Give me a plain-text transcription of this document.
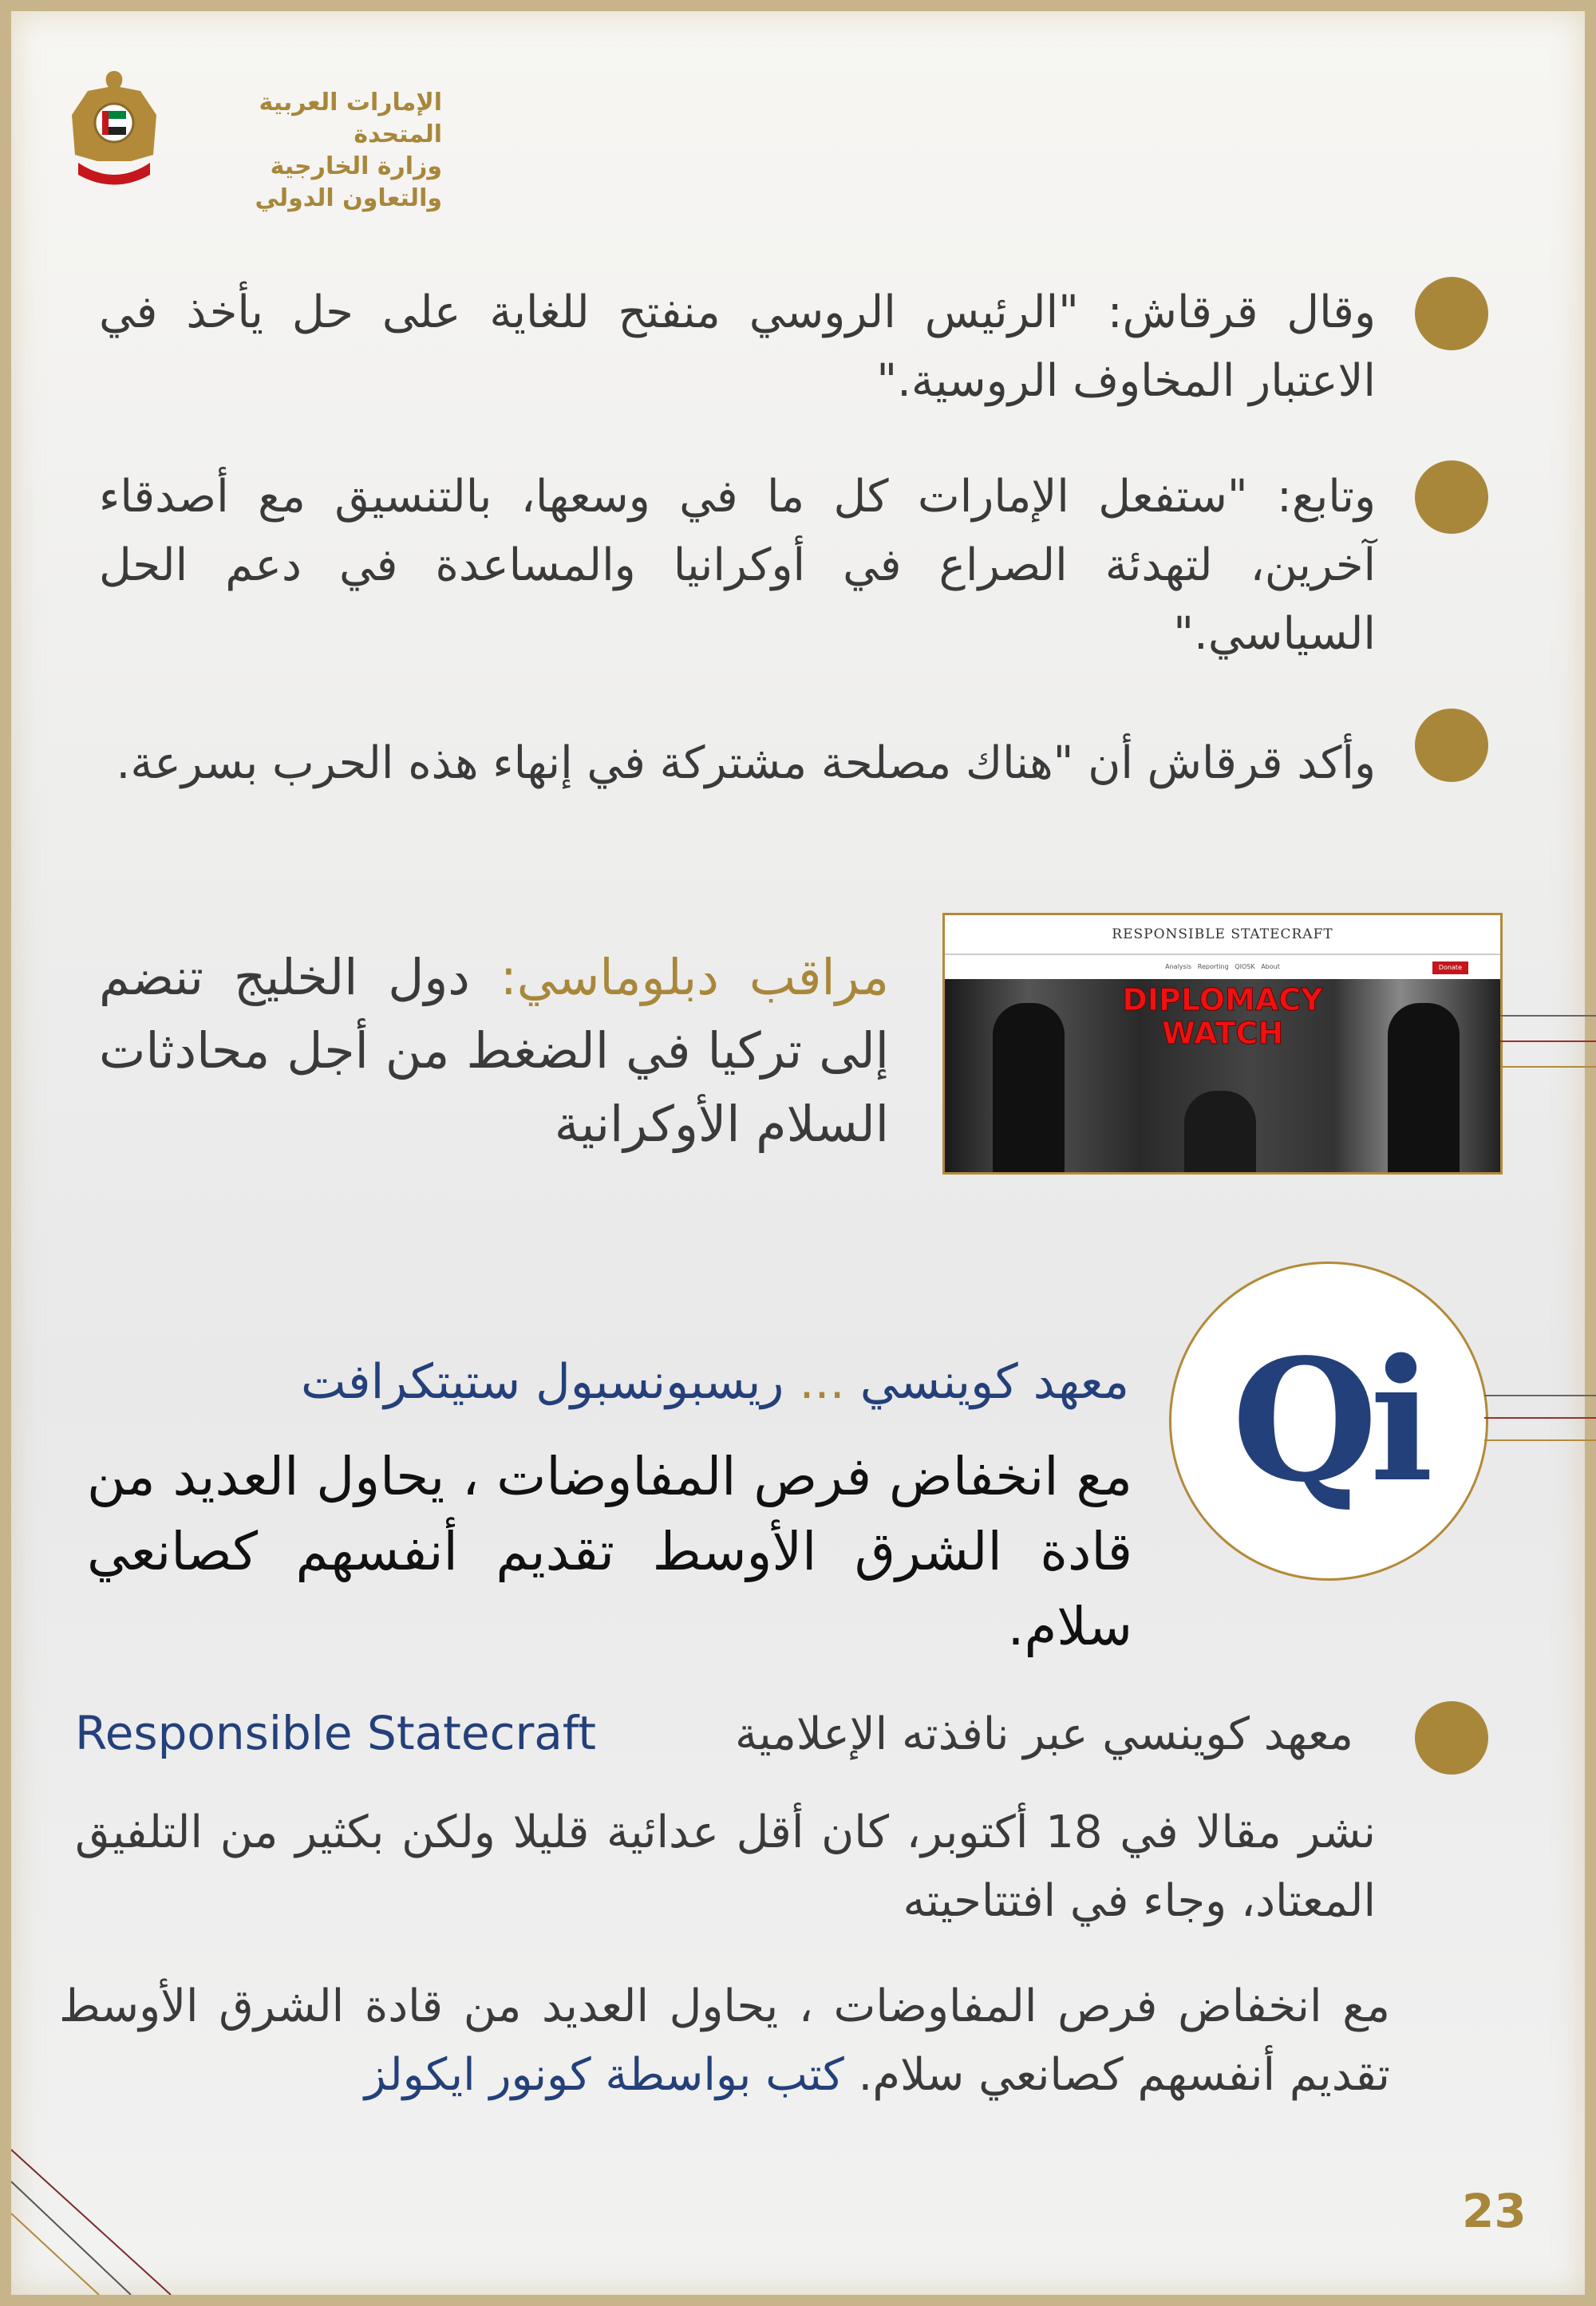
الإمارات العربية المتحدة
وزارة الخارجية
والتعاون الدولي
وقال قرقاش: "الرئيس الروسي منفتح للغاية على حل يأخذ في الاعتبار المخاوف الروسية."
وتابع: "ستفعل الإمارات كل ما في وسعها، بالتنسيق مع أصدقاء آخرين، لتهدئة الصراع في أوكرانيا والمساعدة في دعم الحل السياسي."
وأكد قرقاش أن "هناك مصلحة مشتركة في إنهاء هذه الحرب بسرعة.
مراقب دبلوماسي: دول الخليج تنضم إلى تركيا في الضغط من أجل محادثات السلام الأوكرانية
RESPONSIBLE STATECRAFT
Analysis Reporting QIOSK About	Donate
DIPLOMACY
WATCH
Qi
معهد كوينسي ... ريسبونسبول ستيتكرافت
مع انخفاض فرص المفاوضات ، يحاول العديد من قادة الشرق الأوسط تقديم أنفسهم كصانعي سلام.
معهد كوينسي عبر نافذته الإعلامية
Responsible Statecraft
نشر مقالا في 18 أكتوبر، كان أقل عدائية قليلا ولكن بكثير من التلفيق المعتاد، وجاء في افتتاحيته
مع انخفاض فرص المفاوضات ، يحاول العديد من قادة الشرق الأوسط تقديم أنفسهم كصانعي سلام. كتب بواسطة كونور ايكولز
23
